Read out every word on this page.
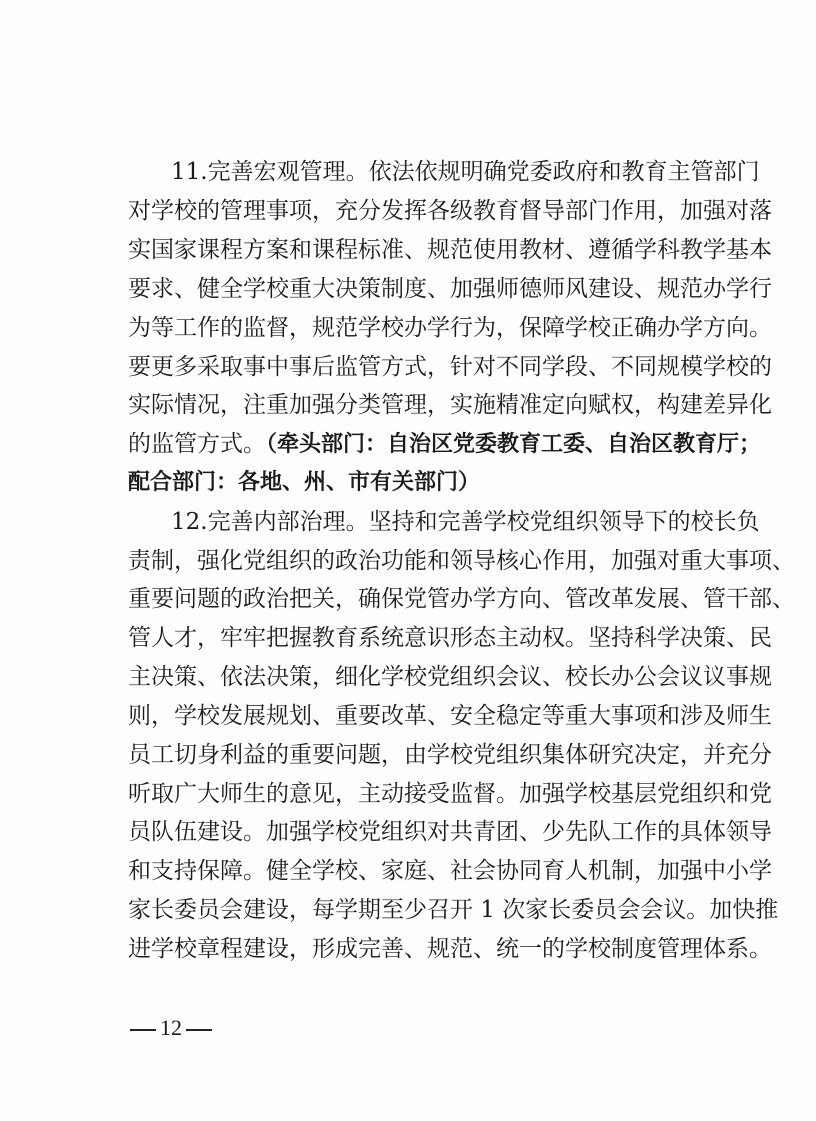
11.完善宏观管理。依法依规明确党委政府和教育主管部门
对学校的管理事项，充分发挥各级教育督导部门作用，加强对落
实国家课程方案和课程标准、规范使用教材、遵循学科教学基本
要求、健全学校重大决策制度、加强师德师风建设、规范办学行
为等工作的监督，规范学校办学行为，保障学校正确办学方向。
要更多采取事中事后监管方式，针对不同学段、不同规模学校的
实际情况，注重加强分类管理，实施精准定向赋权，构建差异化
的监管方式。（牵头部门：自治区党委教育工委、自治区教育厅；
配合部门：各地、州、市有关部门）
12.完善内部治理。坚持和完善学校党组织领导下的校长负
责制，强化党组织的政治功能和领导核心作用，加强对重大事项、
重要问题的政治把关，确保党管办学方向、管改革发展、管干部、
管人才，牢牢把握教育系统意识形态主动权。坚持科学决策、民
主决策、依法决策，细化学校党组织会议、校长办公会议议事规
则，学校发展规划、重要改革、安全稳定等重大事项和涉及师生
员工切身利益的重要问题，由学校党组织集体研究决定，并充分
听取广大师生的意见，主动接受监督。加强学校基层党组织和党
员队伍建设。加强学校党组织对共青团、少先队工作的具体领导
和支持保障。健全学校、家庭、社会协同育人机制，加强中小学
家长委员会建设，每学期至少召开 1 次家长委员会会议。加快推
进学校章程建设，形成完善、规范、统一的学校制度管理体系。
12
